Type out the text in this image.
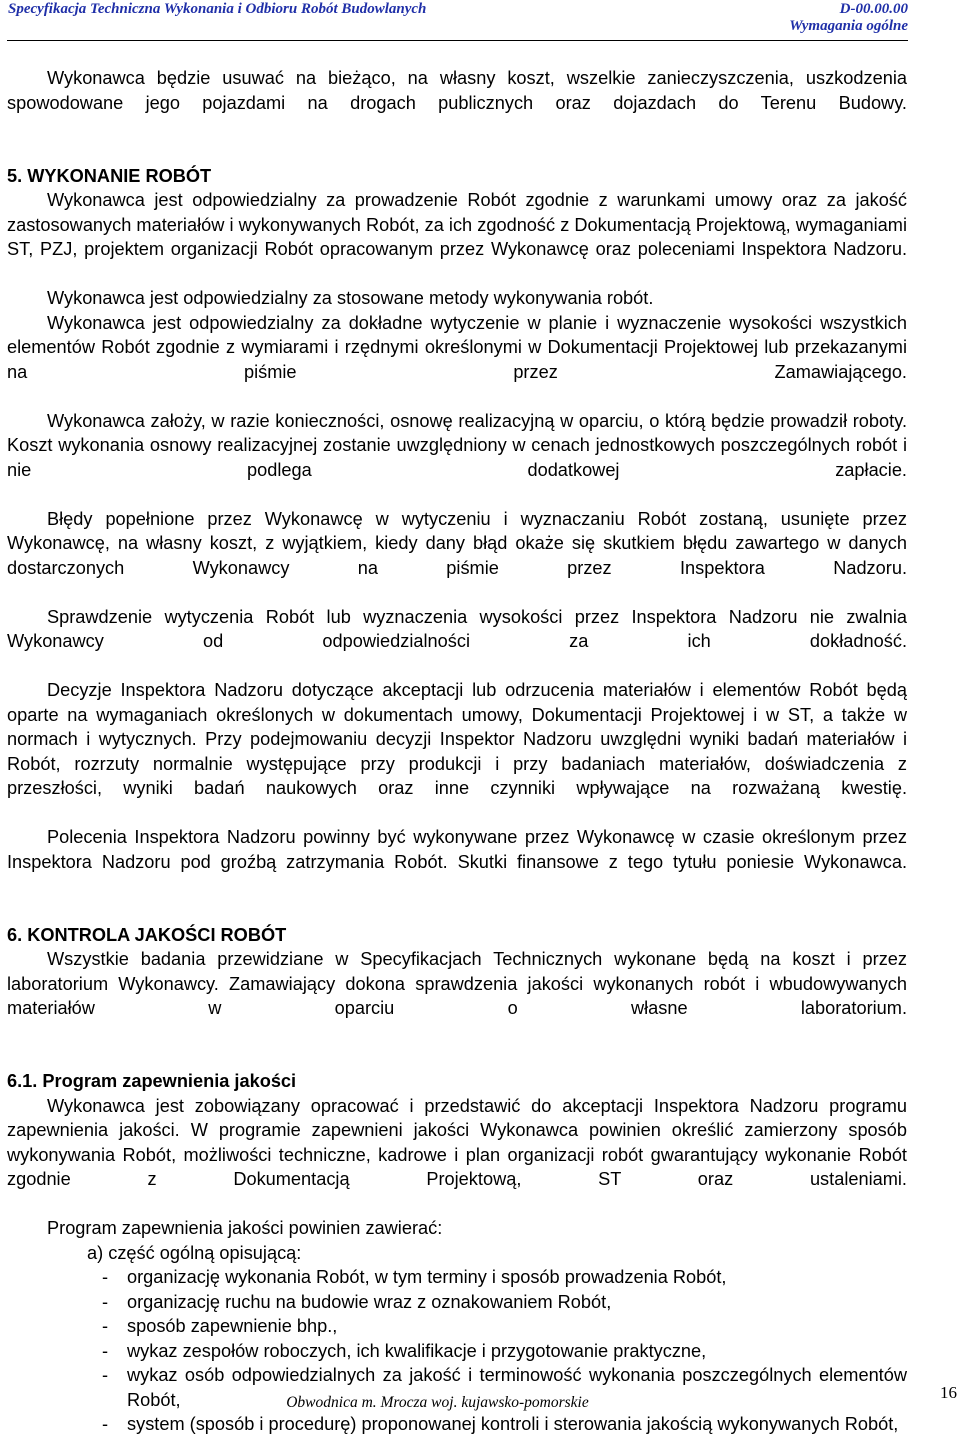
Specyfikacja Techniczna Wykonania i Odbioru Robót Budowlanych	D-00.00.00
Wymagania ogólne

Wykonawca będzie usuwać na bieżąco, na własny koszt, wszelkie zanieczyszczenia, uszkodzenia spowodowane jego pojazdami na drogach publicznych oraz dojazdach do Terenu Budowy.

5. WYKONANIE ROBÓT

Wykonawca jest odpowiedzialny za prowadzenie Robót zgodnie z warunkami umowy oraz za jakość zastosowanych materiałów i wykonywanych Robót, za ich zgodność z Dokumentacją Projektową, wymaganiami ST, PZJ, projektem organizacji Robót opracowanym przez Wykonawcę oraz poleceniami Inspektora Nadzoru.

Wykonawca jest odpowiedzialny za stosowane metody wykonywania robót.

Wykonawca jest odpowiedzialny za dokładne wytyczenie w planie i wyznaczenie wysokości wszystkich elementów Robót zgodnie z wymiarami i rzędnymi określonymi w Dokumentacji Projektowej lub przekazanymi na piśmie przez Zamawiającego.

Wykonawca założy, w razie konieczności, osnowę realizacyjną w oparciu, o którą będzie prowadził roboty. Koszt wykonania osnowy realizacyjnej zostanie uwzględniony w cenach jednostkowych poszczególnych robót i nie podlega dodatkowej zapłacie.

Błędy popełnione przez Wykonawcę w wytyczeniu i wyznaczaniu Robót zostaną, usunięte przez Wykonawcę, na własny koszt, z wyjątkiem, kiedy dany błąd okaże się skutkiem błędu zawartego w danych dostarczonych Wykonawcy na piśmie przez Inspektora Nadzoru.

Sprawdzenie wytyczenia Robót lub wyznaczenia wysokości przez Inspektora Nadzoru nie zwalnia Wykonawcy od odpowiedzialności za ich dokładność.

Decyzje Inspektora Nadzoru dotyczące akceptacji lub odrzucenia materiałów i elementów Robót będą oparte na wymaganiach określonych w dokumentach umowy, Dokumentacji Projektowej i w ST, a także w normach i wytycznych. Przy podejmowaniu decyzji Inspektor Nadzoru uwzględni wyniki badań materiałów i Robót, rozrzuty normalnie występujące przy produkcji i przy badaniach materiałów, doświadczenia z przeszłości, wyniki badań naukowych oraz inne czynniki wpływające na rozważaną kwestię.

Polecenia Inspektora Nadzoru powinny być wykonywane przez Wykonawcę w czasie określonym przez Inspektora Nadzoru pod groźbą zatrzymania Robót. Skutki finansowe z tego tytułu poniesie Wykonawca.

6. KONTROLA JAKOŚCI ROBÓT

Wszystkie badania przewidziane w Specyfikacjach Technicznych wykonane będą na koszt i przez laboratorium Wykonawcy. Zamawiający dokona sprawdzenia jakości wykonanych robót i wbudowywanych materiałów w oparciu o własne laboratorium.

6.1. Program zapewnienia jakości

Wykonawca jest zobowiązany opracować i przedstawić do akceptacji Inspektora Nadzoru programu zapewnienia jakości. W programie zapewnieni jakości Wykonawca powinien określić zamierzony sposób wykonywania Robót, możliwości techniczne, kadrowe i plan organizacji robót gwarantujący wykonanie Robót zgodnie z Dokumentacją Projektową, ST oraz ustaleniami.

Program zapewnienia jakości powinien zawierać:

a) część ogólną opisującą:

- organizację wykonania Robót, w tym terminy i sposób prowadzenia Robót,
- organizację ruchu na budowie wraz z oznakowaniem Robót,
- sposób zapewnienie bhp.,
- wykaz zespołów roboczych, ich kwalifikacje i przygotowanie praktyczne,
- wykaz osób odpowiedzialnych za jakość i terminowość wykonania poszczególnych elementów Robót,
- system (sposób i procedurę) proponowanej kontroli i sterowania jakością wykonywanych Robót,
Obwodnica m. Mrocza woj. kujawsko-pomorskie
16
